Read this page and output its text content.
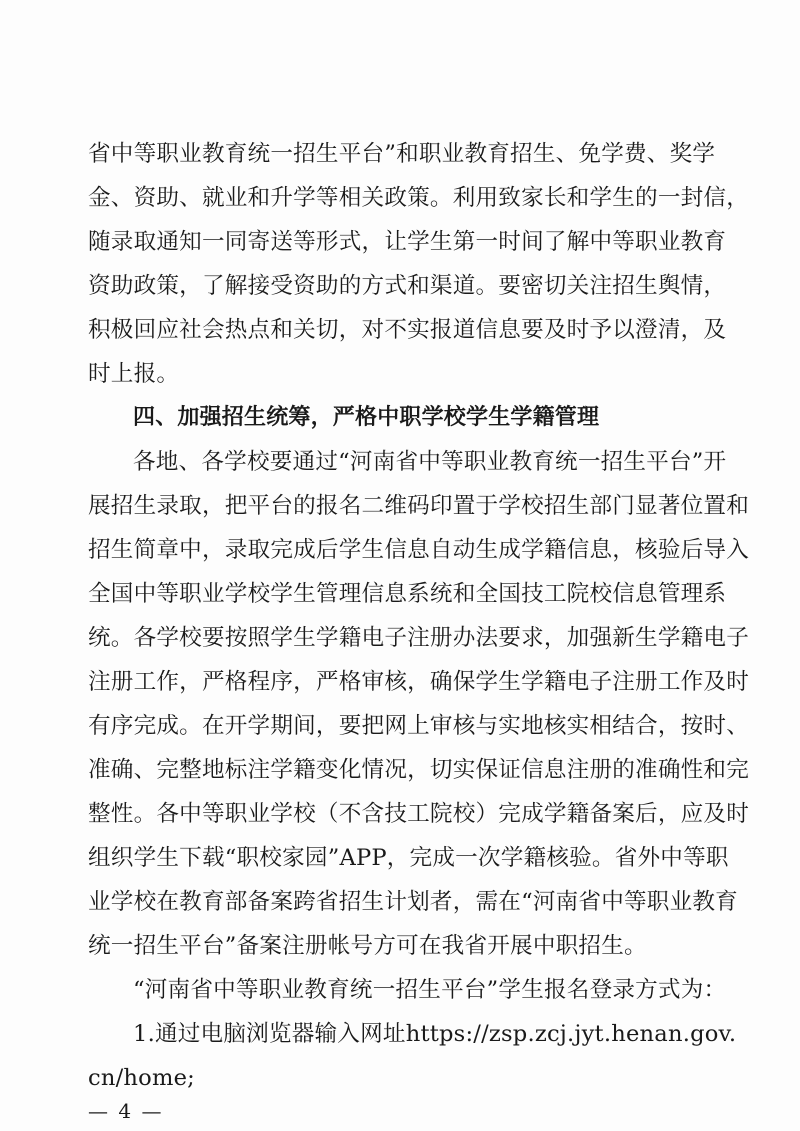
省中等职业教育统一招生平台”和职业教育招生、免学费、奖学
金、资助、就业和升学等相关政策。利用致家长和学生的一封信，
随录取通知一同寄送等形式，让学生第一时间了解中等职业教育
资助政策，了解接受资助的方式和渠道。要密切关注招生舆情，
积极回应社会热点和关切，对不实报道信息要及时予以澄清，及
时上报。
四、加强招生统筹，严格中职学校学生学籍管理
各地、各学校要通过“河南省中等职业教育统一招生平台”开
展招生录取，把平台的报名二维码印置于学校招生部门显著位置和
招生简章中，录取完成后学生信息自动生成学籍信息，核验后导入
全国中等职业学校学生管理信息系统和全国技工院校信息管理系
统。各学校要按照学生学籍电子注册办法要求，加强新生学籍电子
注册工作，严格程序，严格审核，确保学生学籍电子注册工作及时
有序完成。在开学期间，要把网上审核与实地核实相结合，按时、
准确、完整地标注学籍变化情况，切实保证信息注册的准确性和完
整性。各中等职业学校（不含技工院校）完成学籍备案后，应及时
组织学生下载“职校家园”APP，完成一次学籍核验。省外中等职
业学校在教育部备案跨省招生计划者，需在“河南省中等职业教育
统一招生平台”备案注册帐号方可在我省开展中职招生。
“河南省中等职业教育统一招生平台”学生报名登录方式为：
1.通过电脑浏览器输入网址https://zsp.zcj.jyt.henan.gov.
cn/home;
— 4 —
